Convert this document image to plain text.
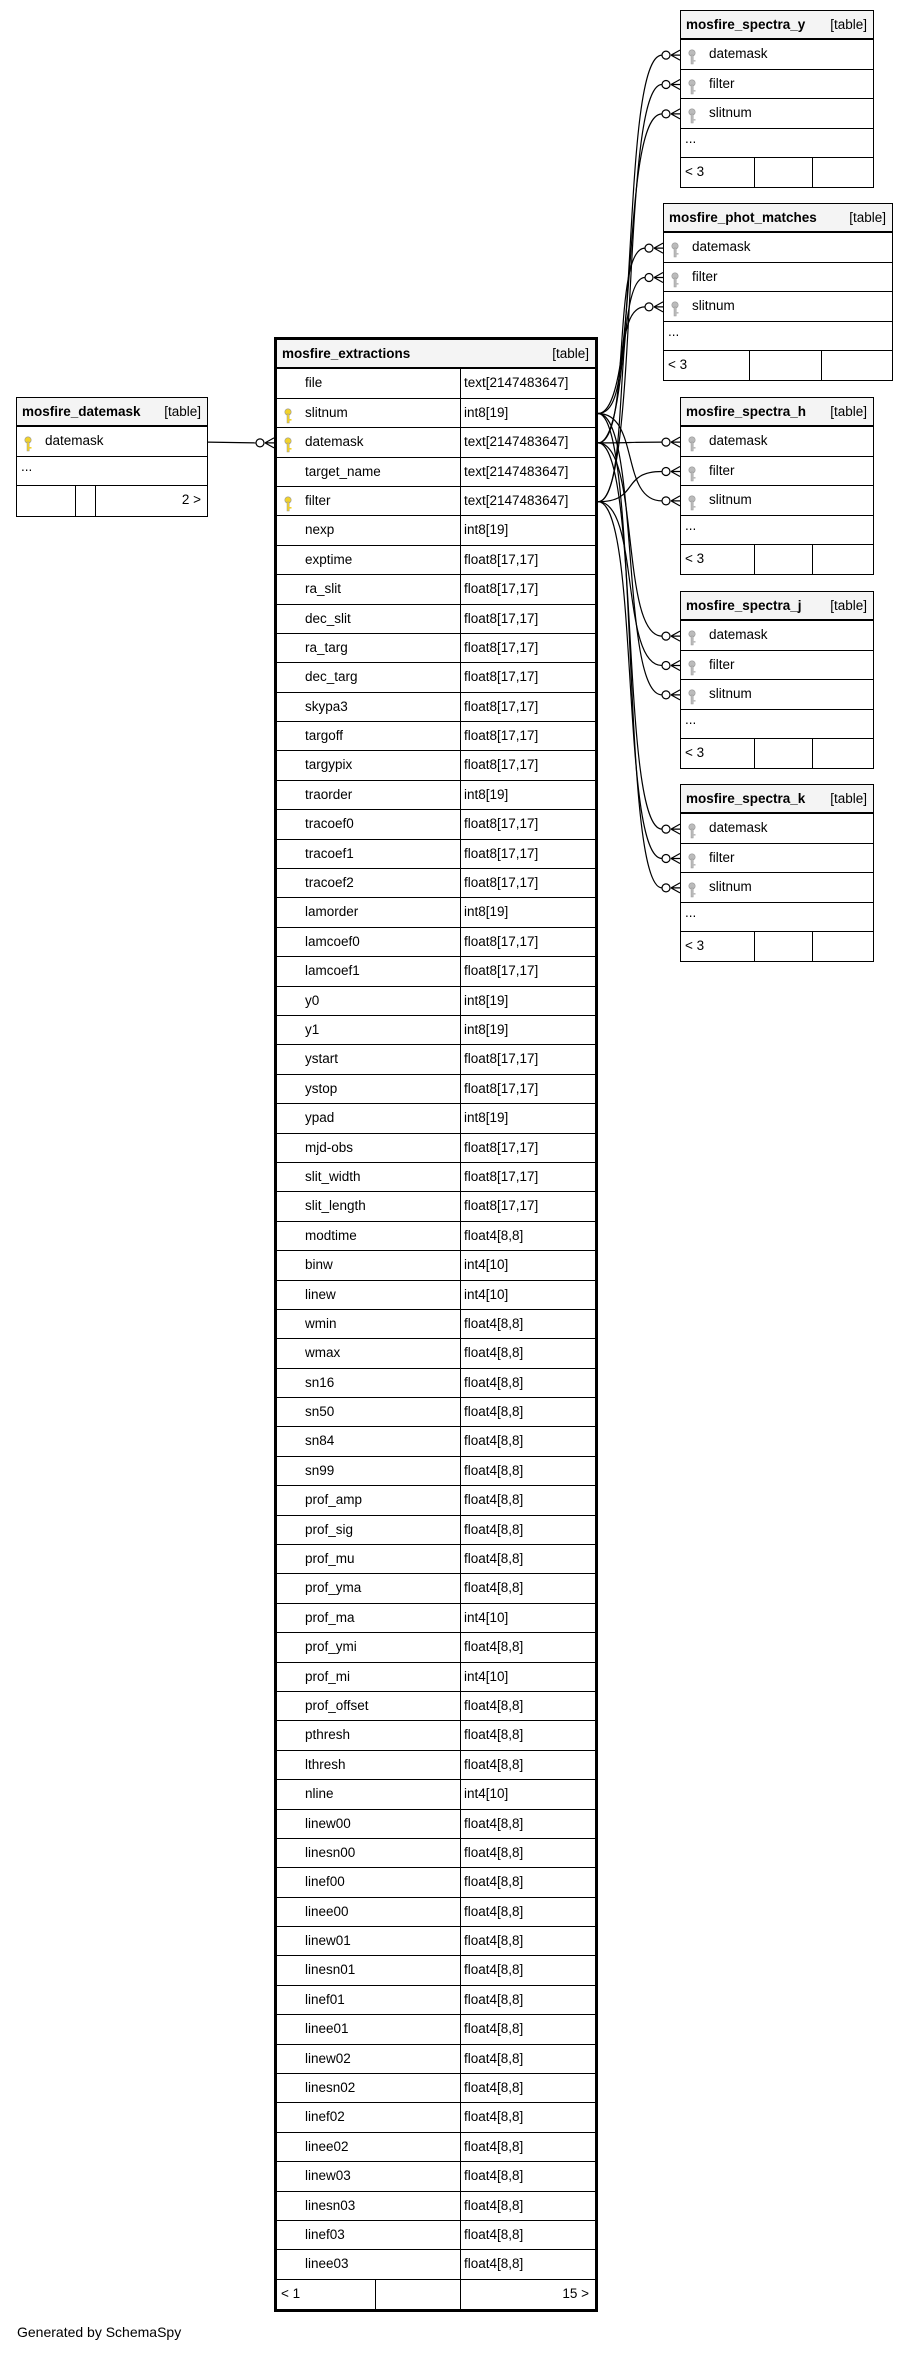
mosfire_datemask [table]
datemask
...
2 >
mosfire_extractions	[table]
file	text[2147483647]
slitnum	int8[19]
datemask	text[2147483647]
target_name	text[2147483647]
filter	text[2147483647]
nexp	int8[19]
exptime	float8[17,17]
ra_slit	float8[17,17]
dec_slit	float8[17,17]
ra_targ	float8[17,17]
dec_targ	float8[17,17]
skypa3	float8[17,17]
targoff	float8[17,17]
targypix	float8[17,17]
traorder	int8[19]
tracoef0	float8[17,17]
tracoef1	float8[17,17]
tracoef2	float8[17,17]
lamorder	int8[19]
lamcoef0	float8[17,17]
lamcoef1	float8[17,17]
y0	int8[19]
y1	int8[19]
ystart	float8[17,17]
ystop	float8[17,17]
ypad	int8[19]
mjd-obs	float8[17,17]
slit_width	float8[17,17]
slit_length	float8[17,17]
modtime	float4[8,8]
binw	int4[10]
linew	int4[10]
wmin	float4[8,8]
wmax	float4[8,8]
sn16	float4[8,8]
sn50	float4[8,8]
sn84	float4[8,8]
sn99	float4[8,8]
prof_amp	float4[8,8]
prof_sig	float4[8,8]
prof_mu	float4[8,8]
prof_yma	float4[8,8]
prof_ma	int4[10]
prof_ymi	float4[8,8]
prof_mi	int4[10]
prof_offset	float4[8,8]
pthresh	float4[8,8]
lthresh	float4[8,8]
nline	int4[10]
linew00	float4[8,8]
linesn00	float4[8,8]
linef00	float4[8,8]
linee00	float4[8,8]
linew01	float4[8,8]
linesn01	float4[8,8]
linef01	float4[8,8]
linee01	float4[8,8]
linew02	float4[8,8]
linesn02	float4[8,8]
linef02	float4[8,8]
linee02	float4[8,8]
linew03	float4[8,8]
linesn03	float4[8,8]
linef03	float4[8,8]
linee03	float4[8,8]
< 1	15 >
mosfire_spectra_y [table]
datemask
filter
slitnum
...
< 3
mosfire_phot_matches [table]
datemask
filter
slitnum
...
< 3
mosfire_spectra_h [table]
datemask
filter
slitnum
...
< 3
mosfire_spectra_j [table]
datemask
filter
slitnum
...
< 3
mosfire_spectra_k [table]
datemask
filter
slitnum
...
< 3
Generated by SchemaSpy
